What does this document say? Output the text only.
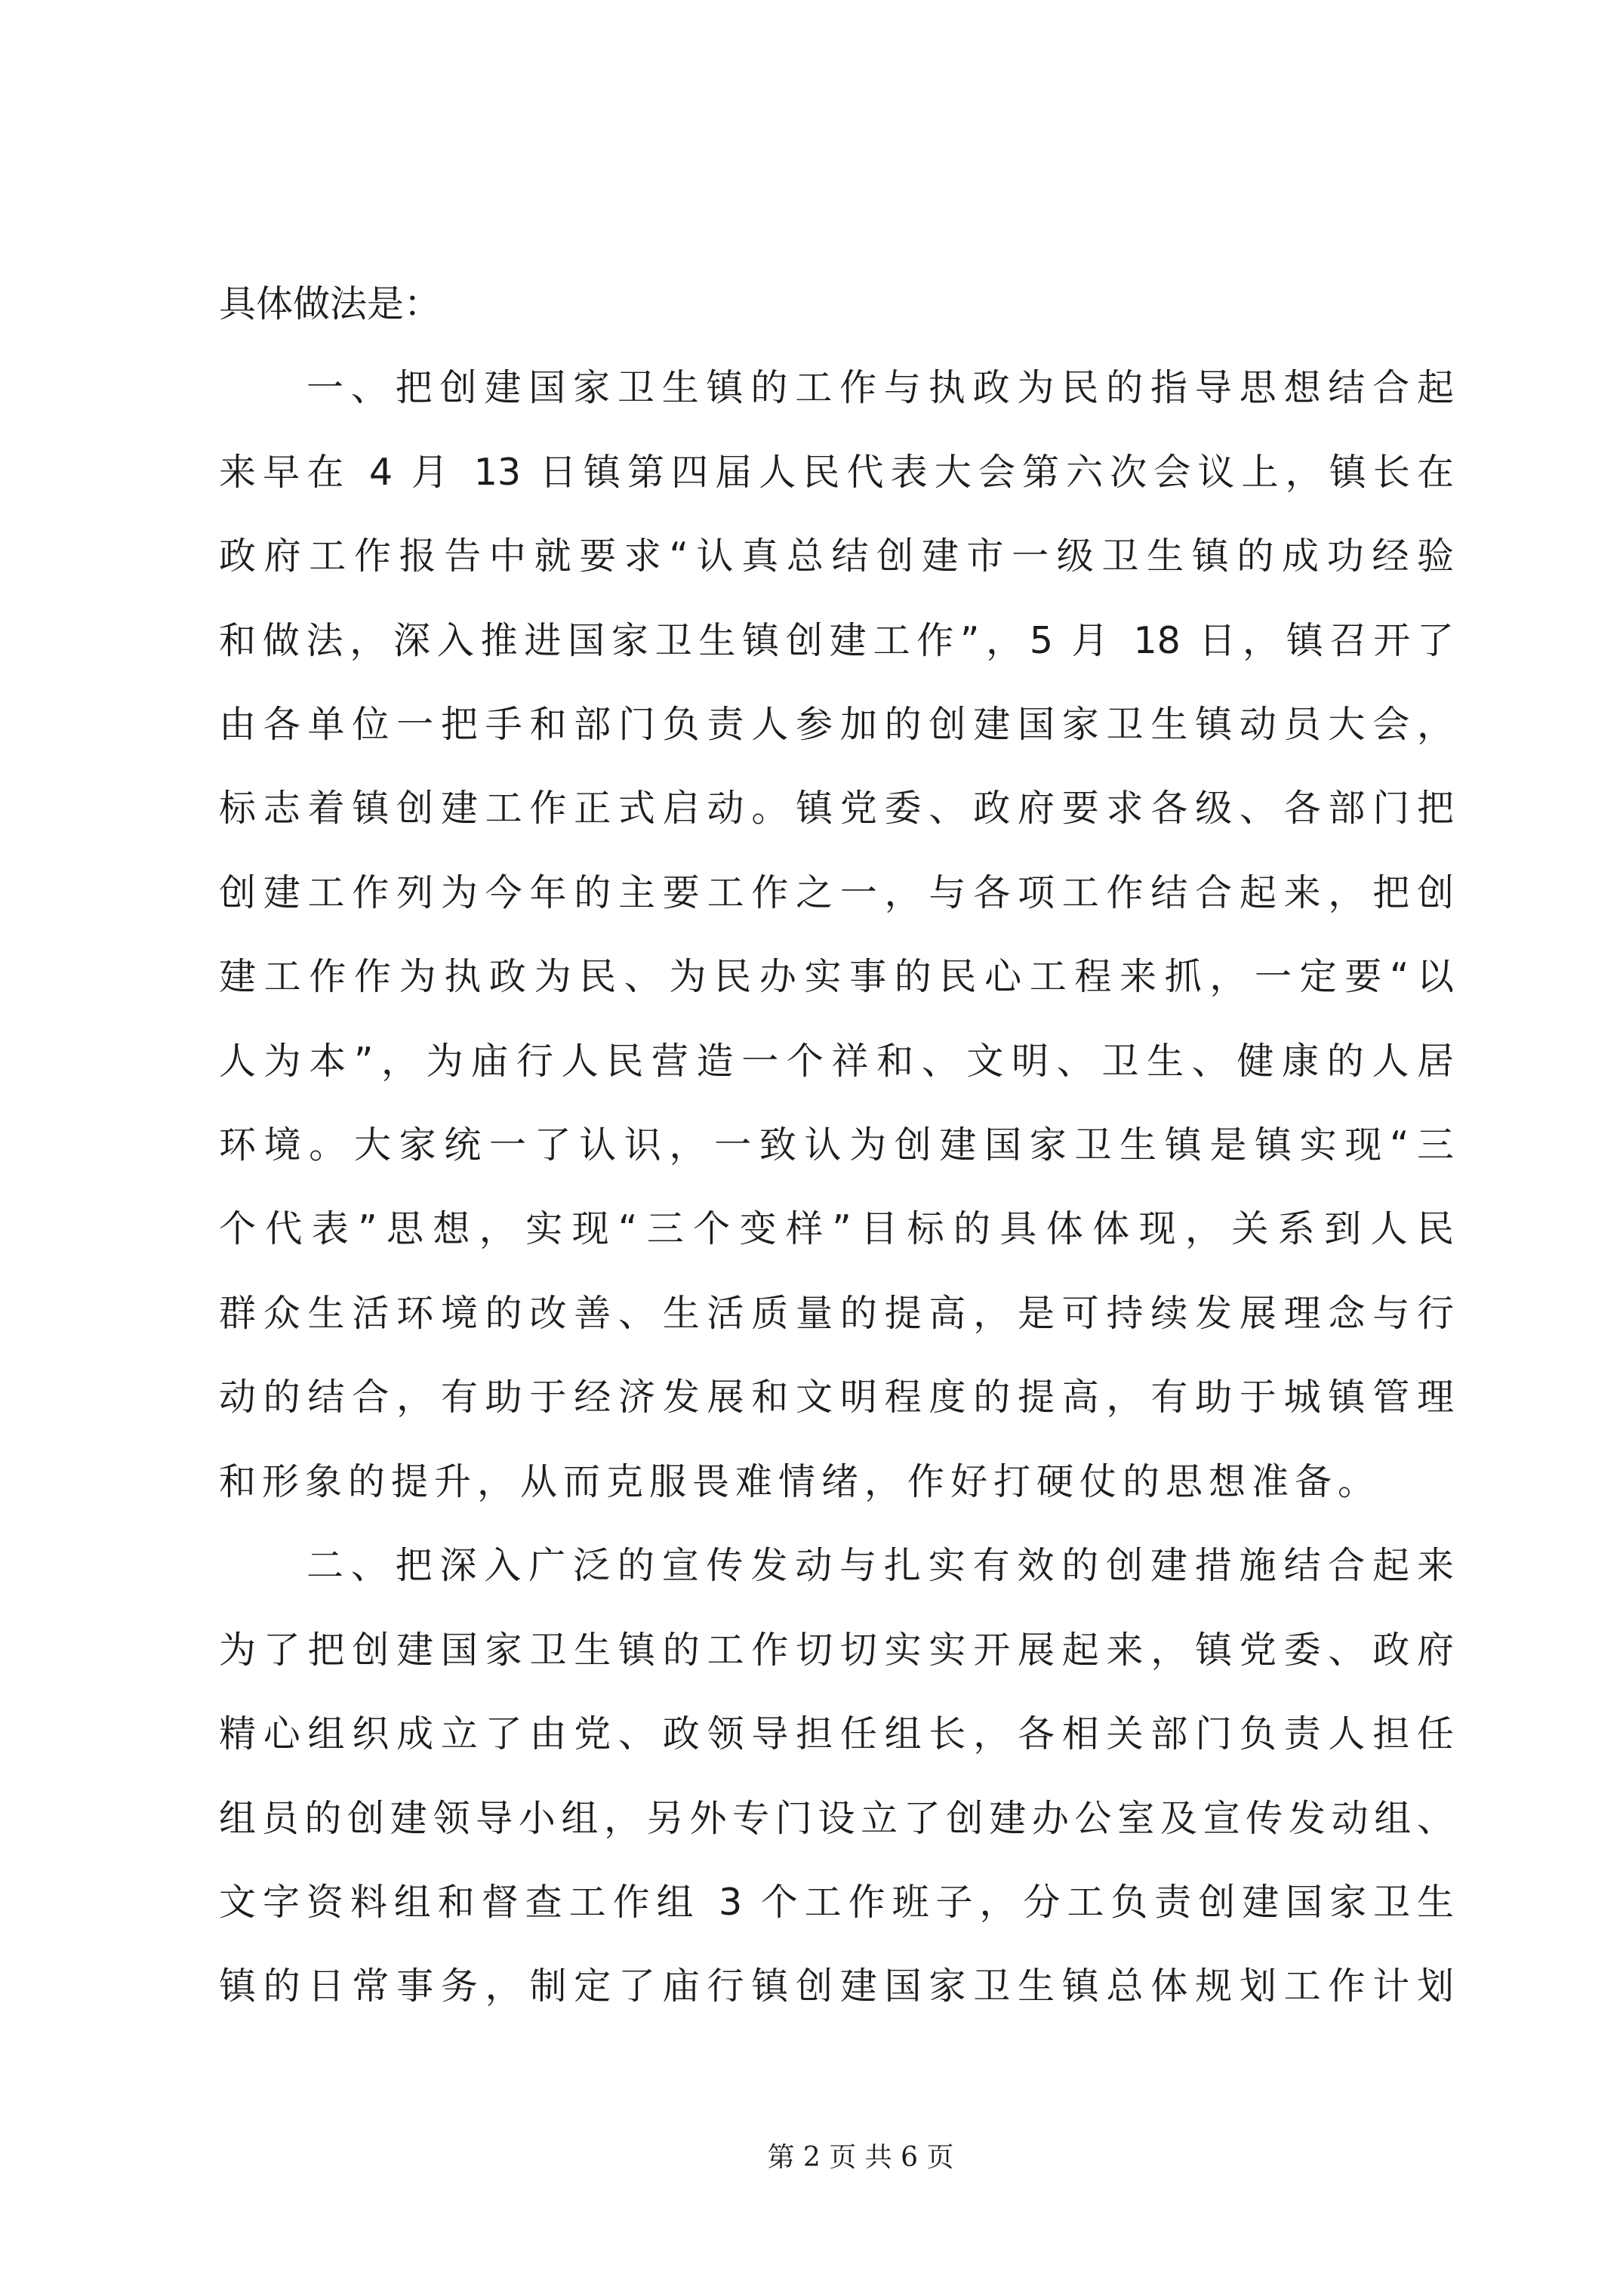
具体做法是：
一、把创建国家卫生镇的工作与执政为民的指导思想结合起
来早在 4 月 13 日镇第四届人民代表大会第六次会议上，镇长在
政府工作报告中就要求“认真总结创建市一级卫生镇的成功经验
和做法，深入推进国家卫生镇创建工作”，5 月 18 日，镇召开了
由各单位一把手和部门负责人参加的创建国家卫生镇动员大会，
标志着镇创建工作正式启动。镇党委、政府要求各级、各部门把
创建工作列为今年的主要工作之一，与各项工作结合起来，把创
建工作作为执政为民、为民办实事的民心工程来抓，一定要“以
人为本”，为庙行人民营造一个祥和、文明、卫生、健康的人居
环境。大家统一了认识，一致认为创建国家卫生镇是镇实现“三
个代表”思想，实现“三个变样”目标的具体体现，关系到人民
群众生活环境的改善、生活质量的提高，是可持续发展理念与行
动的结合，有助于经济发展和文明程度的提高，有助于城镇管理
和形象的提升，从而克服畏难情绪，作好打硬仗的思想准备。
二、把深入广泛的宣传发动与扎实有效的创建措施结合起来
为了把创建国家卫生镇的工作切切实实开展起来，镇党委、政府
精心组织成立了由党、政领导担任组长，各相关部门负责人担任
组员的创建领导小组，另外专门设立了创建办公室及宣传发动组、
文字资料组和督查工作组 3 个工作班子，分工负责创建国家卫生
镇的日常事务，制定了庙行镇创建国家卫生镇总体规划工作计划
第 2 页 共 6 页
